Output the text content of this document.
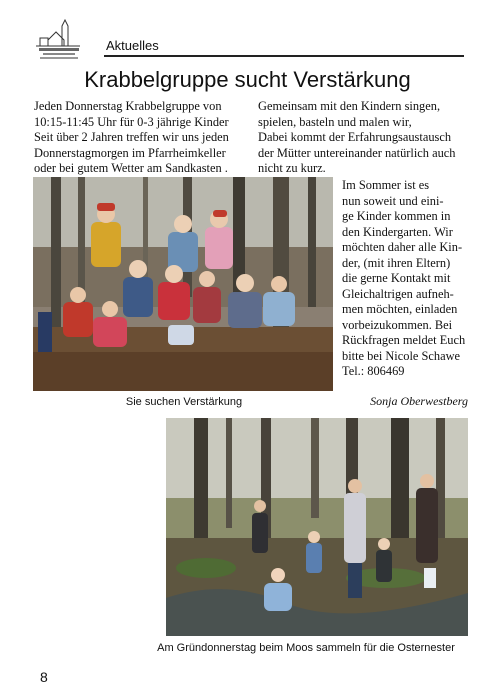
Aktuelles
Krabbelgruppe sucht Verstärkung
Jeden Donnerstag Krabbelgruppe von
10:15-11:45 Uhr für 0-3 jährige Kinder
Seit über 2 Jahren treffen wir uns jeden
Donnerstagmorgen im Pfarrheimkeller
oder bei gutem Wetter am Sandkasten .
Gemeinsam mit den Kindern singen,
spielen, basteln und malen wir,
Dabei kommt der Erfahrungsaustausch
der Mütter untereinander natürlich auch
nicht zu kurz.
Im Sommer ist es
nun soweit und eini-
ge Kinder kommen in
den Kindergarten. Wir
möchten daher alle Kin-
der, (mit ihren Eltern)
die gerne Kontakt mit
Gleichaltrigen aufneh-
men möchten, einladen
vorbeizukommen. Bei
Rückfragen meldet Euch
bitte bei Nicole Schawe
Tel.: 806469
Sie suchen Verstärkung	Sonja Oberwestberg
Am Gründonnerstag beim Moos sammeln für die Osternester
8
